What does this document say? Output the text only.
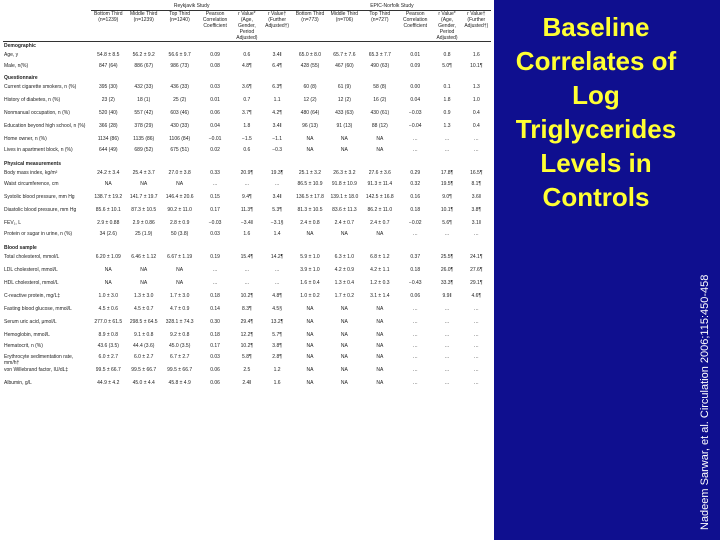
	Reykjavik Study						EPIC-Norfolk Study					
	Bottom Third (n=1239)	Middle Third (n=1239)	Top Third (n=1240)	Pearson Correlation Coefficient	r Value* (Age, Gender, Period Adjusted)	r Value† (Further Adjusted†)	Bottom Third (n=773)	Middle Third (n=706)	Top Third (n=727)	Pearson Correlation Coefficient	r Value* (Age, Gender, Period Adjusted)	r Value† (Further Adjusted†)
Demographic												
Age, y	54.8 ± 8.5	56.2 ± 9.2	56.6 ± 9.7	0.09	0.6	3.4‖	65.0 ± 8.0	65.7 ± 7.6	65.3 ± 7.7	0.01	0.8	1.6
Male, n(%)	847 (64)	886 (67)	986 (73)	0.08	4.8¶	6.4¶	428 (55)	467 (60)	490 (63)	0.09	5.0¶	10.1¶
Questionnaire												
Current cigarette smokers, n (%)	395 (30)	432 (33)	436 (33)	0.03	3.6¶	6.3¶	60 (8)	61 (9)	58 (8)	0.00	0.1	1.3
History of diabetes, n (%)	23 (2)	18 (1)	25 (2)	0.01	0.7	1.1	12 (2)	12 (2)	16 (2)	0.04	1.8	1.0
Nonmanual occupation, n (%)	520 (40)	557 (42)	603 (46)	0.06	3.7¶	4.2¶	480 (64)	433 (63)	430 (61)	−0.03	0.9	0.4
Education beyond high school, n (%)	366 (28)	378 (29)	430 (33)	0.04	1.8	3.4‖	96 (13)	91 (13)	88 (12)	−0.04	1.3	0.4
Home owner, n (%)	1134 (86)	1135 (86)	1106 (84)	−0.01	−1.5	−1.1	NA	NA	NA	…	…	…
Lives in apartment block, n (%)	644 (49)	689 (52)	675 (51)	0.02	0.6	−0.3	NA	NA	NA	…	…	…
Physical measurements												
Body mass index, kg/m²	24.2 ± 3.4	25.4 ± 3.7	27.0 ± 3.8	0.33	20.9¶	19.3¶	25.1 ± 3.2	26.3 ± 3.2	27.6 ± 3.6	0.29	17.8¶	16.5¶
Waist circumference, cm	NA	NA	NA	…	…	…	86.5 ± 10.9	91.8 ± 10.9	91.3 ± 11.4	0.32	19.5¶	8.1¶
Systolic blood pressure, mm Hg	138.7 ± 19.2	141.7 ± 19.7	146.4 ± 20.6	0.15	9.4¶	3.4‖	136.5 ± 17.8	139.1 ± 18.0	142.5 ± 16.8	0.16	9.0¶	3.6‖
Diastolic blood pressure, mm Hg	85.6 ± 10.1	87.3 ± 10.5	90.2 ± 11.0	0.17	11.3¶	5.3¶	81.3 ± 10.5	83.6 ± 11.3	86.2 ± 11.0	0.18	10.1¶	3.8¶
FEV₁, L	2.9 ± 0.88	2.9 ± 0.86	2.8 ± 0.9	−0.03	−3.4‖	−3.1§	2.4 ± 0.8	2.4 ± 0.7	2.4 ± 0.7	−0.02	5.6¶	3.1‖
Protein or sugar in urine, n (%)	34 (2.6)	25 (1.9)	50 (3.8)	0.03	1.6	1.4	NA	NA	NA	…	…	…
Blood sample												
Total cholesterol, mmol/L	6.20 ± 1.09	6.46 ± 1.12	6.67 ± 1.19	0.19	15.4¶	14.2¶	5.9 ± 1.0	6.3 ± 1.0	6.8 ± 1.2	0.37	25.5¶	24.1¶
LDL cholesterol, mmol/L	NA	NA	NA	…	…	…	3.9 ± 1.0	4.2 ± 0.9	4.2 ± 1.1	0.18	26.0¶	27.6¶
HDL cholesterol, mmol/L	NA	NA	NA	…	…	…	1.6 ± 0.4	1.3 ± 0.4	1.2 ± 0.3	−0.43	33.3¶	29.1¶
C-reactive protein, mg/L‡	1.0 ± 3.0	1.3 ± 3.0	1.7 ± 3.0	0.18	10.2¶	4.8¶	1.0 ± 0.2	1.7 ± 0.2	3.1 ± 1.4	0.06	9.9‖	4.6¶
Fasting blood glucose, mmol/L	4.5 ± 0.6	4.5 ± 0.7	4.7 ± 0.9	0.14	8.3¶	4.5§	NA	NA	NA	…	…	…
Serum uric acid, μmol/L	277.0 ± 61.5	298.5 ± 64.5	328.1 ± 74.3	0.30	29.4¶	13.2¶	NA	NA	NA	…	…	…
Hemoglobin, mmol/L	8.9 ± 0.8	9.1 ± 0.8	9.2 ± 0.8	0.18	12.2¶	5.7¶	NA	NA	NA	…	…	…
Hematocrit, n (%)	43.6 (3.5)	44.4 (3.6)	45.0 (3.5)	0.17	10.2¶	3.8¶	NA	NA	NA	…	…	…
Erythrocyte sedimentation rate, mm/h†	6.0 ± 2.7	6.0 ± 2.7	6.7 ± 2.7	0.03	5.8¶	2.8¶	NA	NA	NA	…	…	…
von Willebrand factor, IU/dL‡	99.5 ± 66.7	99.5 ± 66.7	99.5 ± 66.7	0.06	2.5	1.2	NA	NA	NA	…	…	…
Albumin, g/L	44.9 ± 4.2	45.0 ± 4.4	45.8 ± 4.9	0.06	2.4‖	1.6	NA	NA	NA	…	…	…
Baseline Correlates of Log Triglycerides Levels in Controls
Nadeem Sarwar, et al. Circulation 2006;115:450-458
